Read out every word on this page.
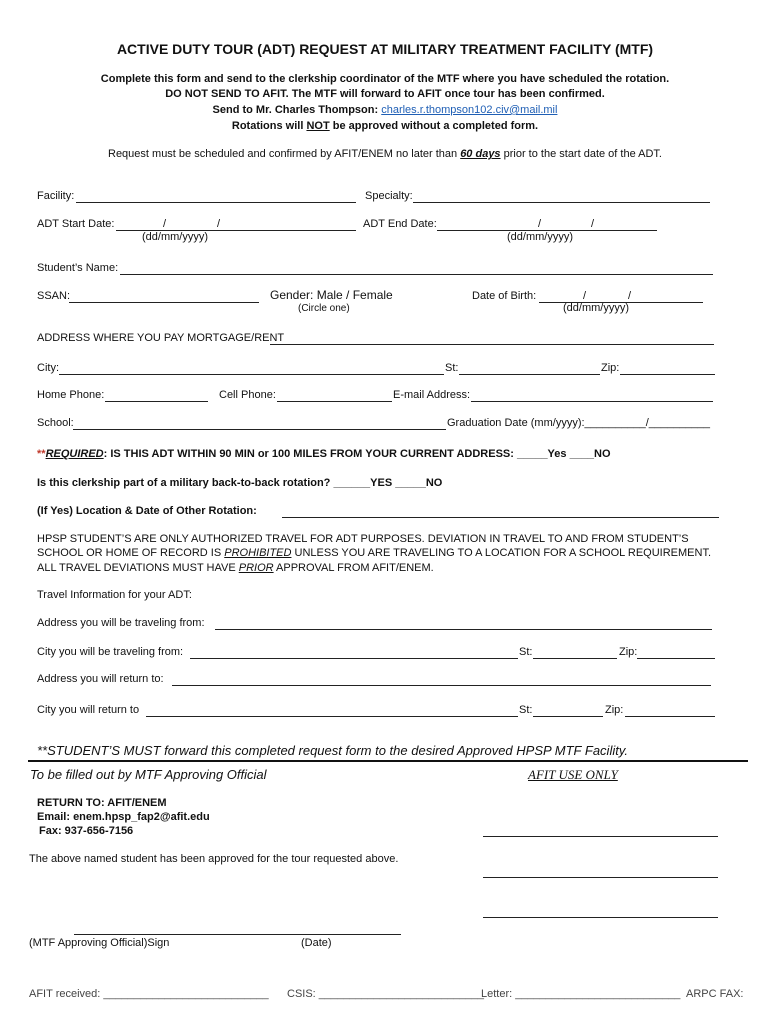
ACTIVE DUTY TOUR (ADT) REQUEST AT MILITARY TREATMENT FACILITY (MTF)
Complete this form and send to the clerkship coordinator of the MTF where you have scheduled the rotation.
DO NOT SEND TO AFIT. The MTF will forward to AFIT once tour has been confirmed.
Send to Mr. Charles Thompson: charles.r.thompson102.civ@mail.mil
Rotations will NOT be approved without a completed form.
Request must be scheduled and confirmed by AFIT/ENEM no later than 60 days prior to the start date of the ADT.
Facility:	Specialty:
ADT Start Date:	/	/
(dd/mm/yyyy)
ADT End Date:	/	/
(dd/mm/yyyy)
Student’s Name:
SSAN:	Gender: Male / Female
(Circle one)
Date of Birth:	/	/
(dd/mm/yyyy)
ADDRESS WHERE YOU PAY MORTGAGE/RENT
City:	St:	Zip:
Home Phone:	Cell Phone:	E-mail Address:
School:	Graduation Date (mm/yyyy):__________/__________
**REQUIRED: IS THIS ADT WITHIN 90 MIN or 100 MILES FROM YOUR CURRENT ADDRESS: _____Yes ____NO
Is this clerkship part of a military back-to-back rotation? ______YES _____NO
(If Yes) Location & Date of Other Rotation:
HPSP STUDENT’S ARE ONLY AUTHORIZED TRAVEL FOR ADT PURPOSES. DEVIATION IN TRAVEL TO AND FROM STUDENT’S
SCHOOL OR HOME OF RECORD IS PROHIBITED UNLESS YOU ARE TRAVELING TO A LOCATION FOR A SCHOOL REQUIREMENT.
ALL TRAVEL DEVIATIONS MUST HAVE PRIOR APPROVAL FROM AFIT/ENEM.
Travel Information for your ADT:
Address you will be traveling from:
City you will be traveling from:	St:	Zip:
Address you will return to:
City you will return to	St:	Zip:
**STUDENT’S MUST forward this completed request form to the desired Approved HPSP MTF Facility.
To be filled out by MTF Approving Official	AFIT USE ONLY
RETURN TO: AFIT/ENEM
Email: enem.hpsp_fap2@afit.edu
Fax: 937-656-7156
The above named student has been approved for the tour requested above.
(MTF Approving Official)Sign	(Date)
AFIT received: ___________________________ CSIS: ___________________________
Letter: ___________________________ ARPC FAX:
